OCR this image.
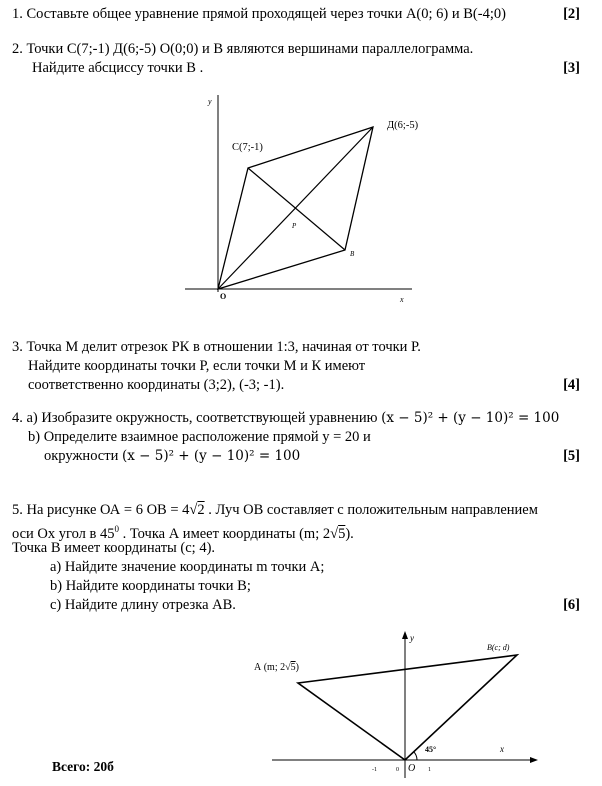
1. Составьте общее уравнение прямой проходящей через точки А(0; 6) и В(-4;0)	[2]
2. Точки С(7;-1) Д(6;-5) О(0;0) и В являются вершинами параллелограмма.
Найдите абсциссу точки В .	[3]
y
x
O
С(7;-1)
Д(6;-5)
P
B
3. Точка М делит отрезок РК в отношении 1:3, начиная от точки Р.
Найдите координаты точки Р, если точки М и К имеют
соответственно координаты (3;2), (-3; -1).	[4]
4. а) Изобразите окружность, соответствующей уравнению (x − 5)² + (y − 10)² = 100
b) Определите взаимное расположение прямой y = 20 и
окружности (x − 5)² + (y − 10)² = 100	[5]
5. На рисунке ОА = 6 ОВ = 4√2 . Луч ОВ составляет с положительным направлением
оси Ох угол в $45^0$ . Точка А имеет координаты (m; 2√5).
Точка В имеет координаты (с; 4).
а) Найдите значение координаты m точки А;
b) Найдите координаты точки В;
с) Найдите длину отрезка АВ.	[6]
y
x
45°
А (m; 2√5)
B(c; d)
O
-1	0	1
Всего: 20б
